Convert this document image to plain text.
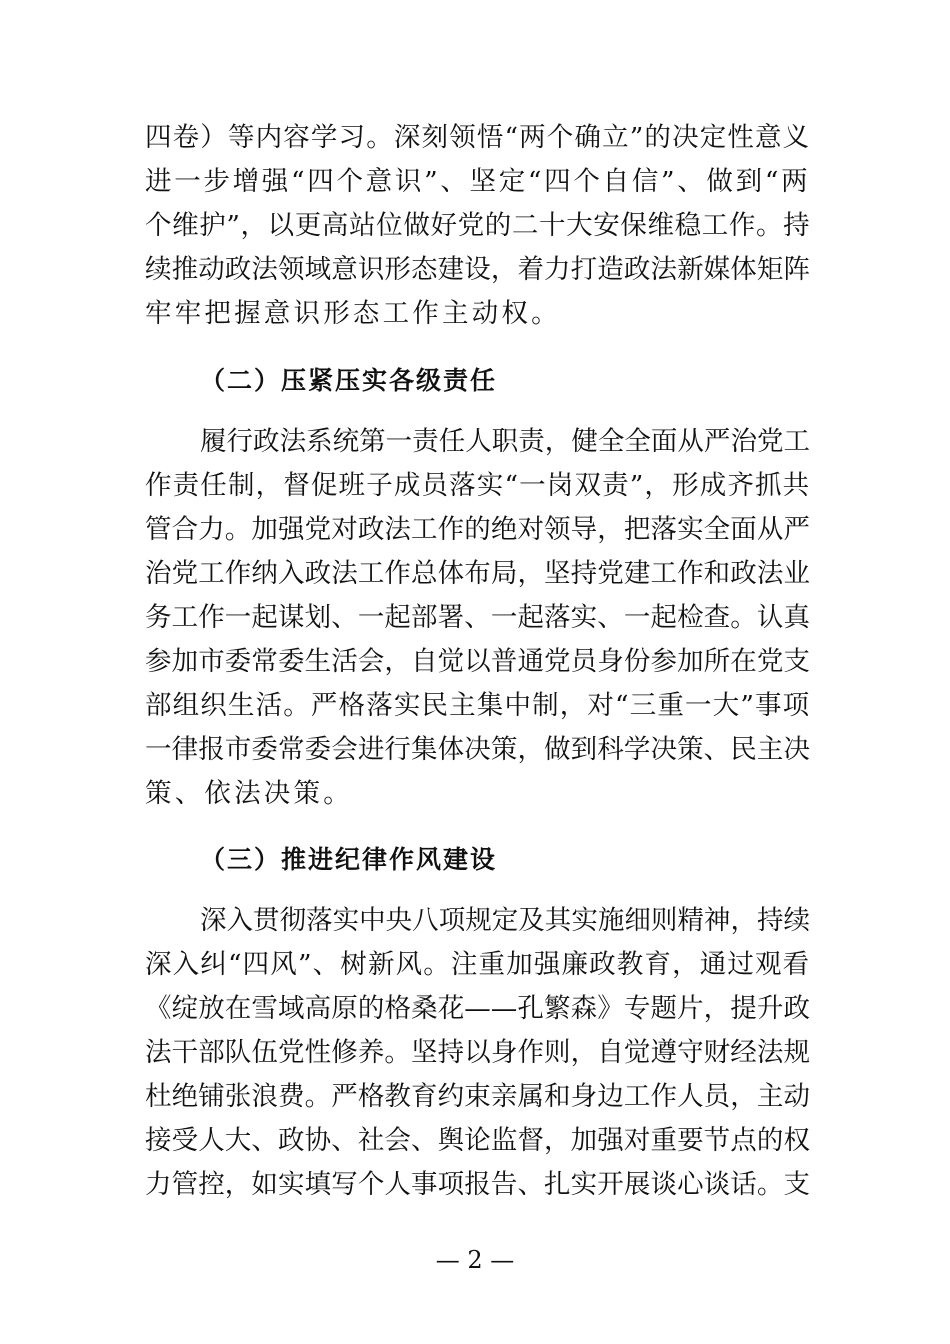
四卷）等内容学习。深刻领悟“两个确立”的决定性意义
进一步增强“四个意识”、坚定“四个自信”、做到“两
个维护”，以更高站位做好党的二十大安保维稳工作。持
续推动政法领域意识形态建设，着力打造政法新媒体矩阵
牢牢把握意识形态工作主动权。
（二）压紧压实各级责任
履行政法系统第一责任人职责，健全全面从严治党工
作责任制，督促班子成员落实“一岗双责”，形成齐抓共
管合力。加强党对政法工作的绝对领导，把落实全面从严
治党工作纳入政法工作总体布局，坚持党建工作和政法业
务工作一起谋划、一起部署、一起落实、一起检查。认真
参加市委常委生活会，自觉以普通党员身份参加所在党支
部组织生活。严格落实民主集中制，对“三重一大”事项
一律报市委常委会进行集体决策，做到科学决策、民主决
策、依法决策。
（三）推进纪律作风建设
深入贯彻落实中央八项规定及其实施细则精神，持续
深入纠“四风”、树新风。注重加强廉政教育，通过观看
《绽放在雪域高原的格桑花——孔繁森》专题片，提升政
法干部队伍党性修养。坚持以身作则，自觉遵守财经法规
杜绝铺张浪费。严格教育约束亲属和身边工作人员，主动
接受人大、政协、社会、舆论监督，加强对重要节点的权
力管控，如实填写个人事项报告、扎实开展谈心谈话。支
— 2 —
